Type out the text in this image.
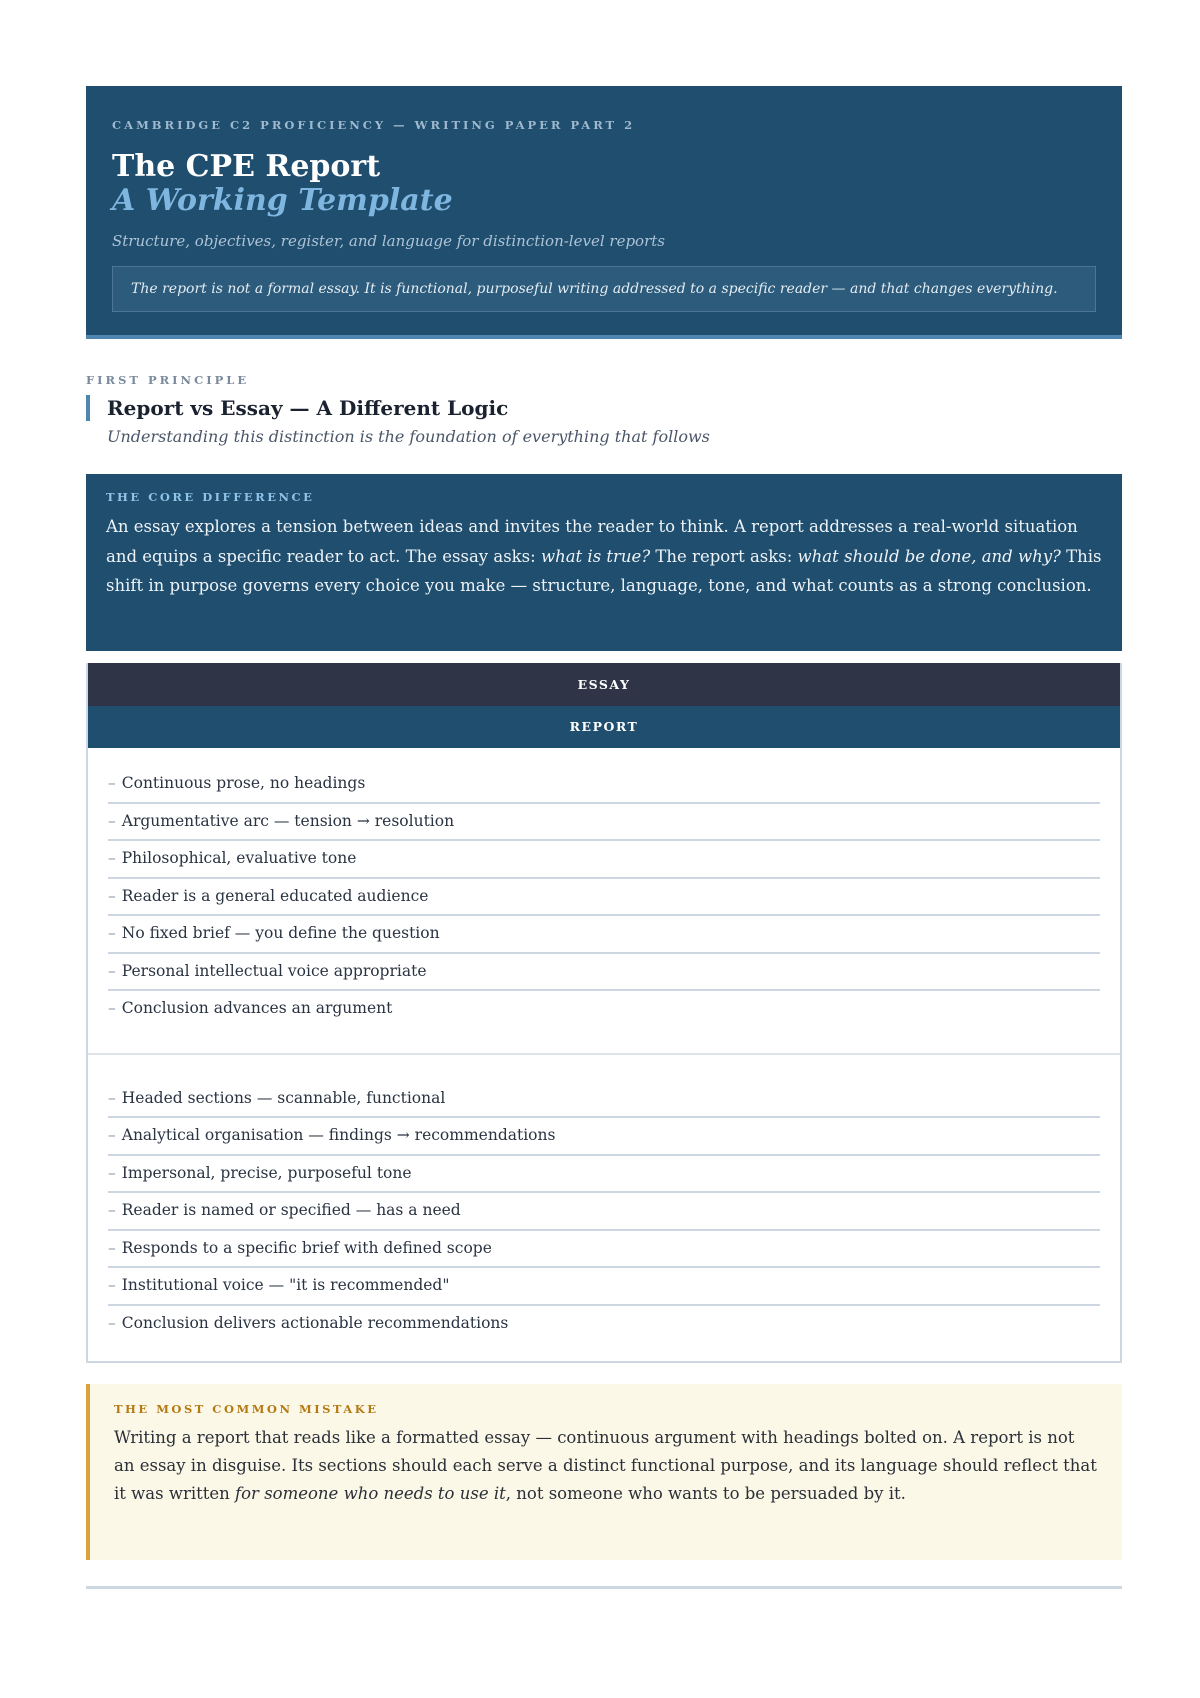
CAMBRIDGE C2 PROFICIENCY — WRITING PAPER PART 2
The CPE Report
A Working Template
Structure, objectives, register, and language for distinction-level reports
The report is not a formal essay. It is functional, purposeful writing addressed to a specific reader — and that changes everything.
FIRST PRINCIPLE
Report vs Essay — A Different Logic
Understanding this distinction is the foundation of everything that follows
THE CORE DIFFERENCE
An essay explores a tension between ideas and invites the reader to think. A report addresses a real-world situation and equips a specific reader to act. The essay asks: what is true? The report asks: what should be done, and why? This shift in purpose governs every choice you make — structure, language, tone, and what counts as a strong conclusion.
ESSAY
REPORT
– Continuous prose, no headings
– Argumentative arc — tension → resolution
– Philosophical, evaluative tone
– Reader is a general educated audience
– No fixed brief — you define the question
– Personal intellectual voice appropriate
– Conclusion advances an argument
– Headed sections — scannable, functional
– Analytical organisation — findings → recommendations
– Impersonal, precise, purposeful tone
– Reader is named or specified — has a need
– Responds to a specific brief with defined scope
– Institutional voice — "it is recommended"
– Conclusion delivers actionable recommendations
THE MOST COMMON MISTAKE
Writing a report that reads like a formatted essay — continuous argument with headings bolted on. A report is not an essay in disguise. Its sections should each serve a distinct functional purpose, and its language should reflect that it was written for someone who needs to use it, not someone who wants to be persuaded by it.
